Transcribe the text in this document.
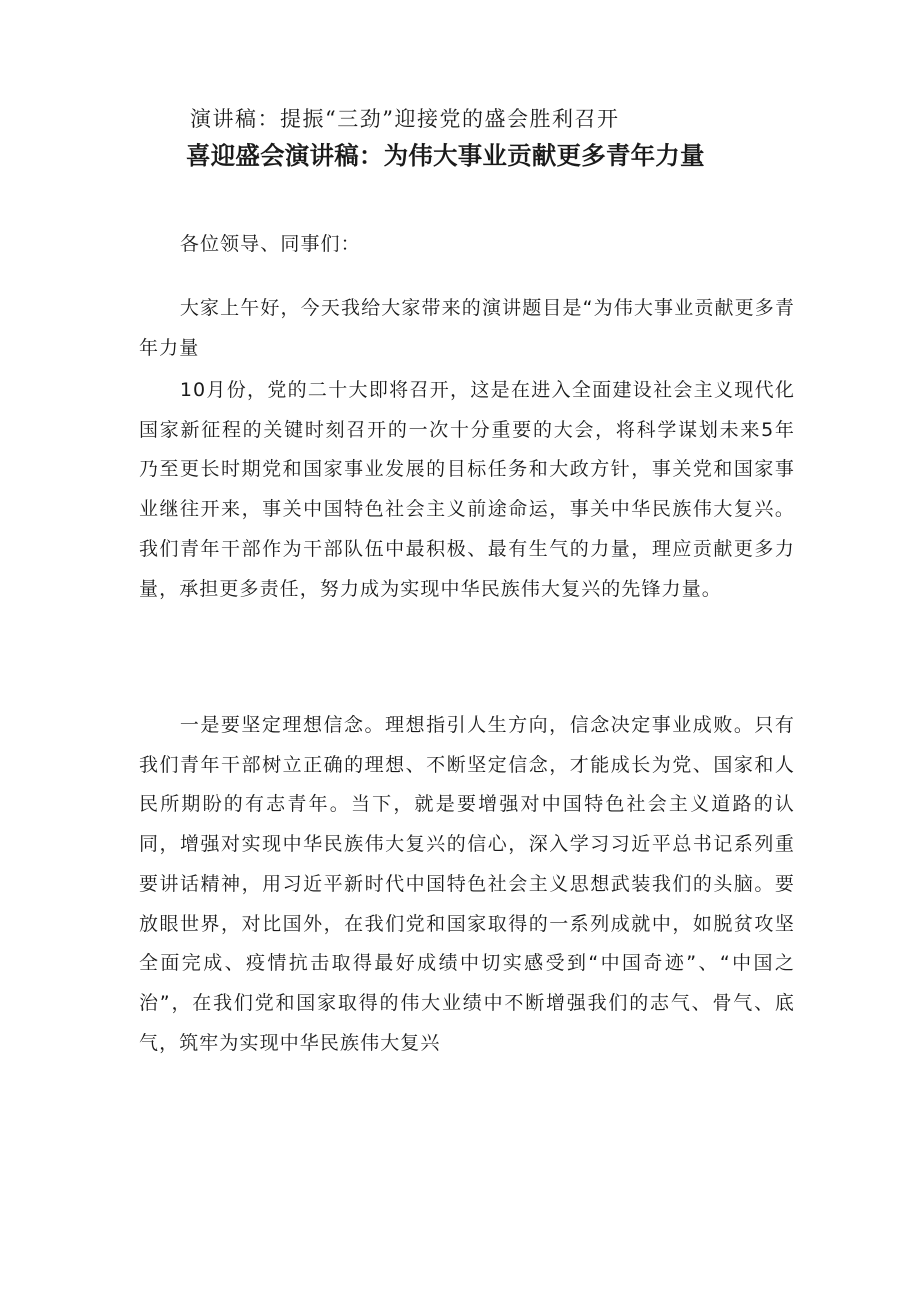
演讲稿：提振“三劲”迎接党的盛会胜利召开
喜迎盛会演讲稿：为伟大事业贡献更多青年力量

各位领导、同事们：

大家上午好，今天我给大家带来的演讲题目是“为伟大事业贡献更多青年力量

10月份，党的二十大即将召开，这是在进入全面建设社会主义现代化国家新征程的关键时刻召开的一次十分重要的大会，将科学谋划未来5年乃至更长时期党和国家事业发展的目标任务和大政方针，事关党和国家事业继往开来，事关中国特色社会主义前途命运，事关中华民族伟大复兴。我们青年干部作为干部队伍中最积极、最有生气的力量，理应贡献更多力量，承担更多责任，努力成为实现中华民族伟大复兴的先锋力量。

一是要坚定理想信念。理想指引人生方向，信念决定事业成败。只有我们青年干部树立正确的理想、不断坚定信念，才能成长为党、国家和人民所期盼的有志青年。当下，就是要增强对中国特色社会主义道路的认同，增强对实现中华民族伟大复兴的信心，深入学习习近平总书记系列重要讲话精神，用习近平新时代中国特色社会主义思想武装我们的头脑。要放眼世界，对比国外，在我们党和国家取得的一系列成就中，如脱贫攻坚全面完成、疫情抗击取得最好成绩中切实感受到“中国奇迹”、“中国之治”，在我们党和国家取得的伟大业绩中不断增强我们的志气、骨气、底气，筑牢为实现中华民族伟大复兴
